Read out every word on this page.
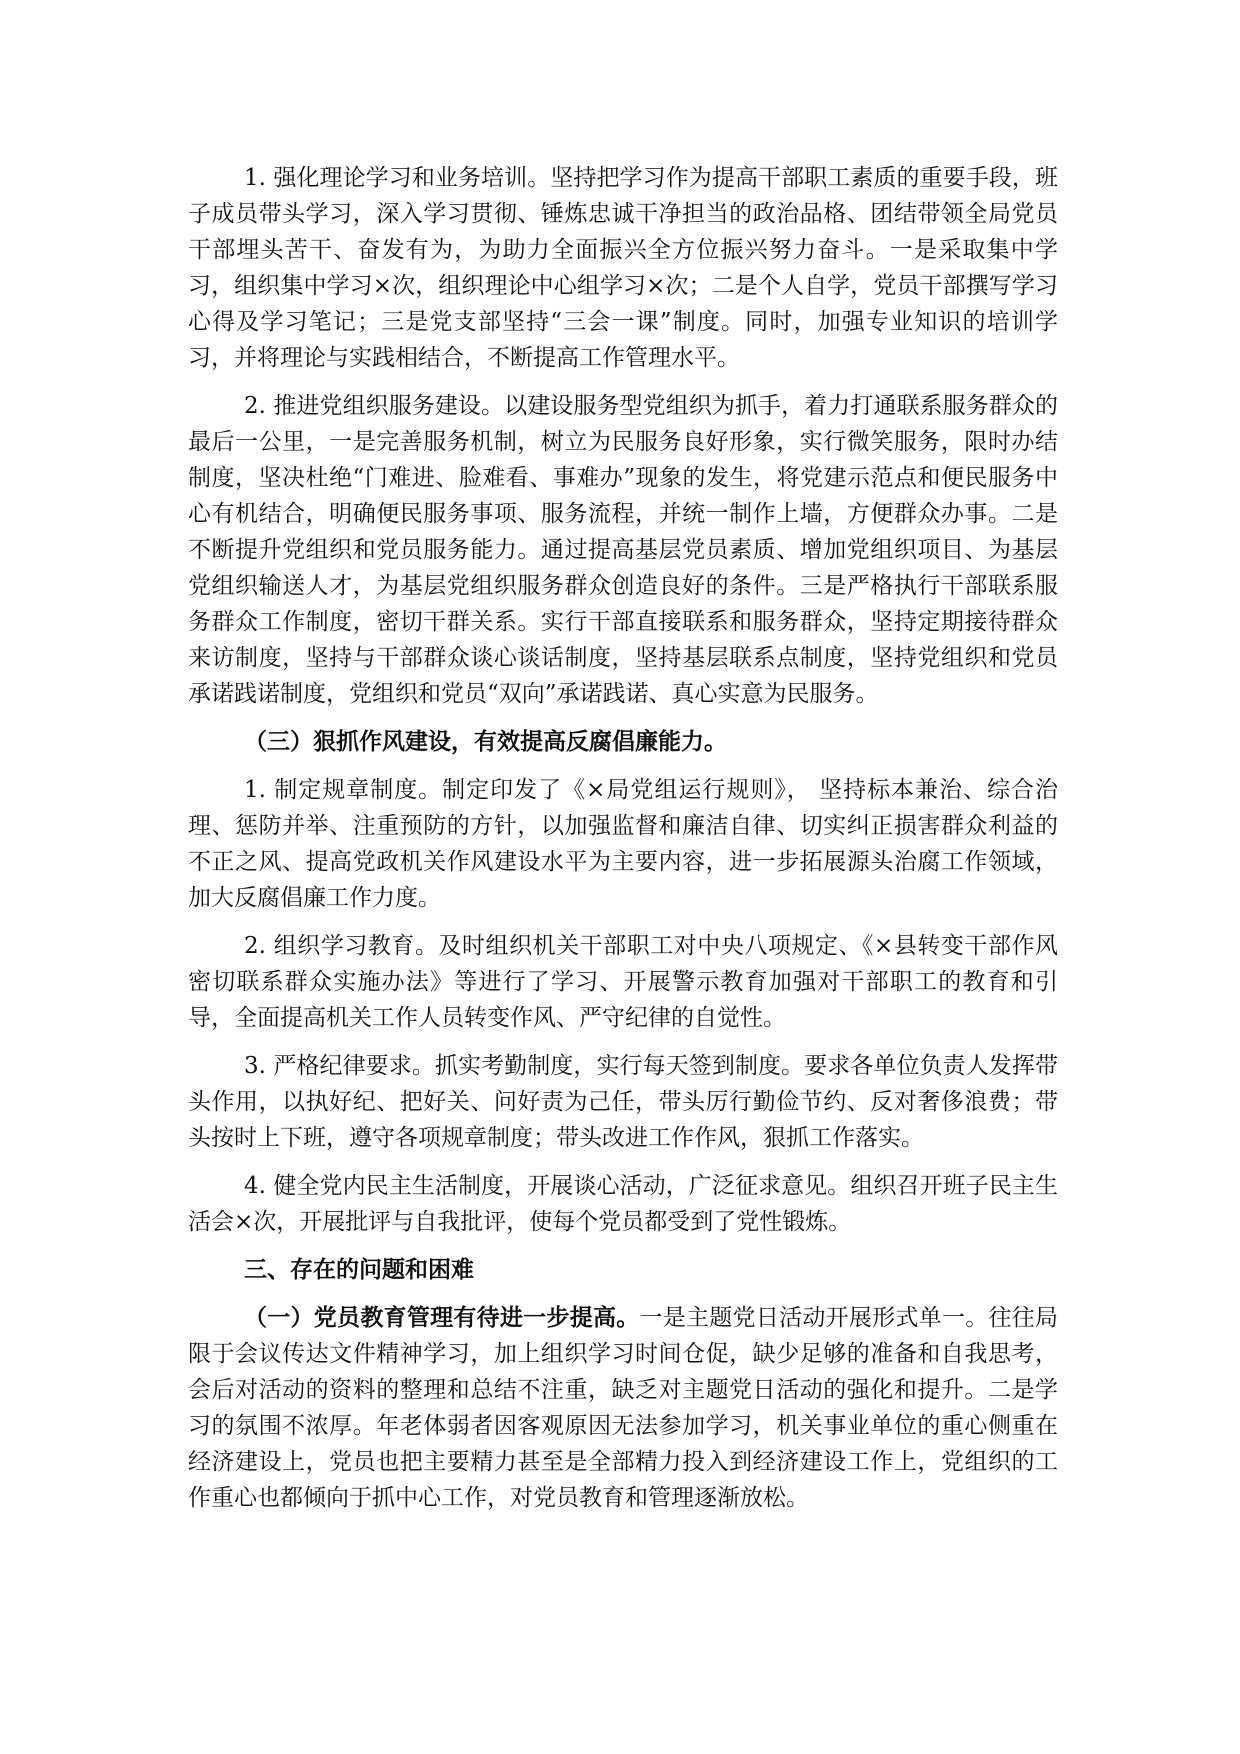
1. 强化理论学习和业务培训。坚持把学习作为提高干部职工素质的重要手段，班子成员带头学习，深入学习贯彻、锤炼忠诚干净担当的政治品格、团结带领全局党员干部埋头苦干、奋发有为，为助力全面振兴全方位振兴努力奋斗。一是采取集中学习，组织集中学习×次，组织理论中心组学习×次；二是个人自学，党员干部撰写学习心得及学习笔记；三是党支部坚持“三会一课”制度。同时，加强专业知识的培训学习，并将理论与实践相结合，不断提高工作管理水平。

2. 推进党组织服务建设。以建设服务型党组织为抓手，着力打通联系服务群众的最后一公里，一是完善服务机制，树立为民服务良好形象，实行微笑服务，限时办结制度，坚决杜绝“门难进、脸难看、事难办”现象的发生，将党建示范点和便民服务中心有机结合，明确便民服务事项、服务流程，并统一制作上墙，方便群众办事。二是不断提升党组织和党员服务能力。通过提高基层党员素质、增加党组织项目、为基层党组织输送人才，为基层党组织服务群众创造良好的条件。三是严格执行干部联系服务群众工作制度，密切干群关系。实行干部直接联系和服务群众，坚持定期接待群众来访制度，坚持与干部群众谈心谈话制度，坚持基层联系点制度，坚持党组织和党员承诺践诺制度，党组织和党员“双向”承诺践诺、真心实意为民服务。

（三）狠抓作风建设，有效提高反腐倡廉能力。

1. 制定规章制度。制定印发了《×局党组运行规则》， 坚持标本兼治、综合治理、惩防并举、注重预防的方针，以加强监督和廉洁自律、切实纠正损害群众利益的不正之风、提高党政机关作风建设水平为主要内容，进一步拓展源头治腐工作领域，加大反腐倡廉工作力度。

2. 组织学习教育。及时组织机关干部职工对中央八项规定、《×县转变干部作风密切联系群众实施办法》等进行了学习、开展警示教育加强对干部职工的教育和引导，全面提高机关工作人员转变作风、严守纪律的自觉性。

3. 严格纪律要求。抓实考勤制度，实行每天签到制度。要求各单位负责人发挥带头作用，以执好纪、把好关、问好责为己任，带头厉行勤俭节约、反对奢侈浪费；带头按时上下班，遵守各项规章制度；带头改进工作作风，狠抓工作落实。

4. 健全党内民主生活制度，开展谈心活动，广泛征求意见。组织召开班子民主生活会×次，开展批评与自我批评，使每个党员都受到了党性锻炼。

三、存在的问题和困难

（一）党员教育管理有待进一步提高。一是主题党日活动开展形式单一。往往局限于会议传达文件精神学习，加上组织学习时间仓促，缺少足够的准备和自我思考，会后对活动的资料的整理和总结不注重，缺乏对主题党日活动的强化和提升。二是学习的氛围不浓厚。年老体弱者因客观原因无法参加学习，机关事业单位的重心侧重在经济建设上，党员也把主要精力甚至是全部精力投入到经济建设工作上，党组织的工作重心也都倾向于抓中心工作，对党员教育和管理逐渐放松。
